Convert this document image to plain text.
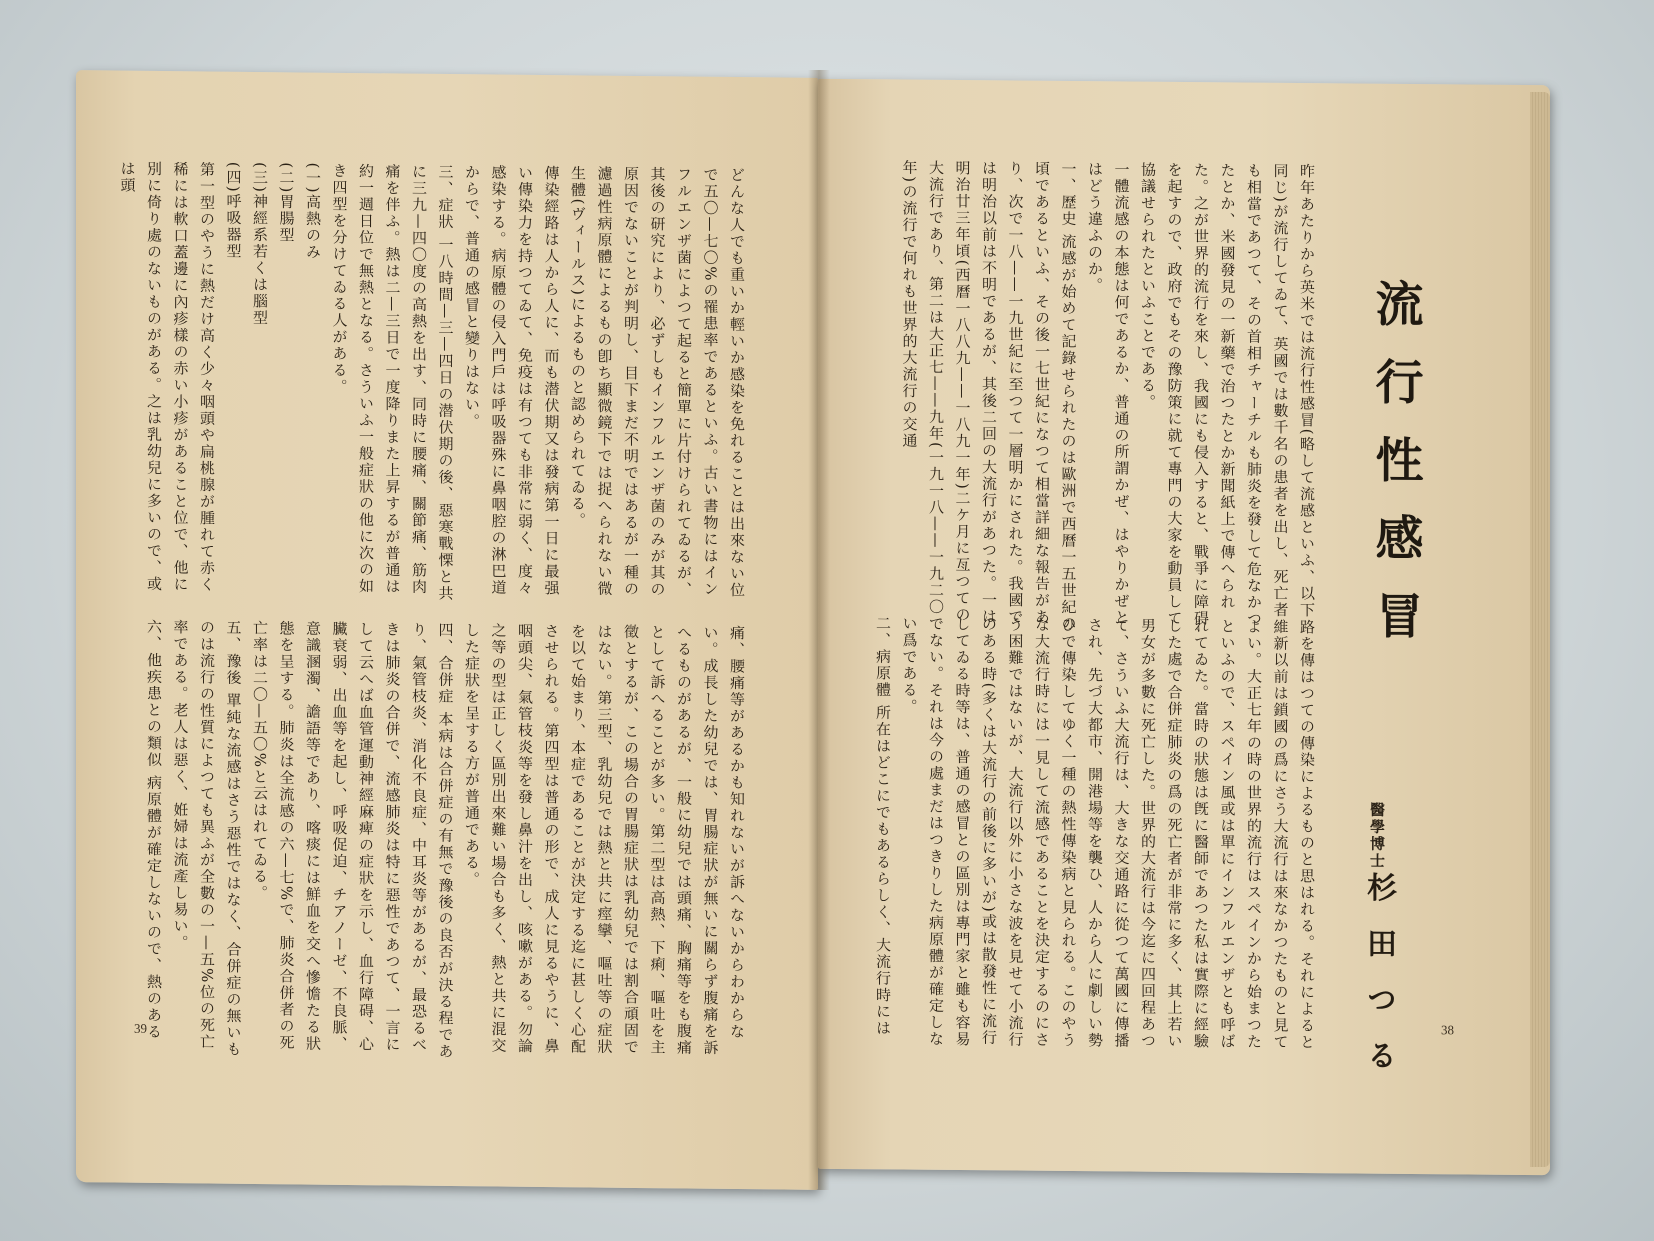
どんな人でも重いか輕いか感染を免れることは出來ない位で五〇—七〇%の罹患率であるといふ。古い書物にはインフルエンザ菌によつて起ると簡單に片付けられてゐるが、其後の研究により、必ずしもインフルエンザ菌のみが其の原因でないことが判明し、目下まだ不明ではあるが一種の濾過性病原體によるもの卽ち顯微鏡下では捉へられない微生體(ヴィールス)によるものと認められてゐる。
傳染經路は人から人に、而も潜伏期又は發病第一日に最强い傳染力を持つてゐて、免疫は有つても非常に弱く、度々感染する。病原體の侵入門戶は呼吸器殊に鼻咽腔の淋巴道からで、普通の感冒と變りはない。
三、症狀 一八時間—三—四日の潜伏期の後、惡寒戰慄と共に三九—四〇度の高熱を出す、同時に腰痛、關節痛、筋肉痛を伴ふ。熱は二—三日で一度降りまた上昇するが普通は約一週日位で無熱となる。さういふ一般症狀の他に次の如き四型を分けてゐる人がある。
(一)高熱のみ
(二)胃腸型
(三)神經系若くは腦型
(四)呼吸器型
第一型のやうに熱だけ高く少々咽頭や扁桃腺が腫れて赤く稀には軟口蓋邊に內疹樣の赤い小疹があること位で、他に別に倚り處のないものがある。之は乳幼兒に多いので、或は頭
痛、腰痛等があるかも知れないが訴へないからわからない。成長した幼兒では、胃腸症狀が無いに關らず腹痛を訴へるものがあるが、一般に幼兒では頭痛、胸痛等をも腹痛として訴へることが多い。第二型は高熱、下痢、嘔吐を主徵とするが、この場合の胃腸症狀は乳幼兒では割合頑固ではない。第三型、乳幼兒では熱と共に痙攣、嘔吐等の症狀を以て始まり、本症であることが決定する迄に甚しく心配させられる。第四型は普通の形で、成人に見るやうに、鼻咽頭尖、氣管枝炎等を發し鼻汁を出し、咳嗽がある。勿論之等の型は正しく區別出來難い場合も多く、熱と共に混交した症狀を呈する方が普通である。
四、合併症 本病は合併症の有無で豫後の良否が決る程であり、氣管枝炎、消化不良症、中耳炎等があるが、最恐るべきは肺炎の合併で、流感肺炎は特に惡性であつて、一言にして云へば血管運動神經麻痺の症狀を示し、血行障碍、心臟衰弱、出血等を起し、呼吸促迫、チアノーゼ、不良脈、意識溷濁、譫語等であり、喀痰には鮮血を交へ慘憺たる狀態を呈する。肺炎は全流感の六—七%で、肺炎合併者の死亡率は二〇—五〇%と云はれてゐる。
五、豫後 單純な流感はさう惡性ではなく、合併症の無いものは流行の性質によつても異ふが全數の一—五%位の死亡率である。老人は惡く、姙婦は流產し易い。
六、他疾患との類似 病原體が確定しないので、熱のある
39
昨年あたりから英米では流行性感冒(略して流感といふ、以下同じ)が流行してゐて、英國では數千名の患者を出し、死亡者も相當であつて、その首相チャーチルも肺炎を發して危なかつたとか、米國發見の一新藥で治つたとか新聞紙上で傳へられた。之が世界的流行を來し、我國にも侵入すると、戰爭に障碍を起すので、政府でもその豫防策に就て專門の大家を動員して協議せられたといふことである。
一體流感の本態は何であるか、普通の所謂かぜ、はやりかぜとはどう違ふのか。
一、歷史 流感が始めて記錄せられたのは歐洲で西曆一五世紀の頃であるといふ、その後一七世紀になつて相當詳細な報告があり、次で一八——一九世紀に至つて一層明かにされた。我國では明治以前は不明であるが、其後二回の大流行があつた。一は明治廿三年頃(西曆一八八九——一八九一年)二ケ月に亙つての大流行であり、第二は大正七——九年(一九一八——一九二〇年)の流行で何れも世界的大流行の交通
路を傳はつての傳染によるものと思はれる。それによると維新以前は鎖國の爲にさう大流行は來なかつたものと見てよい。大正七年の時の世界的流行はスペインから始まつたといふので、スペイン風或は單にインフルエンザとも呼ばれてゐた。當時の狀態は旣に醫師であつた私は實際に經驗した處で合併症肺炎の爲の死亡者が非常に多く、其上若い男女が多數に死亡した。世界的大流行は今迄に四回程あつて、さういふ大流行は、大きな交通路に從つて萬國に傳播され、先づ大都市、開港場等を襲ひ、人から人に劇しい勢ひで傳染してゆく一種の熱性傳染病と見られる。このやうな大流行時には一見して流感であることを決定するのにさう困難ではないが、大流行以外に小さな波を見せて小流行のある時(多くは大流行の前後に多いが)或は散發性に流行してゐる時等は、普通の感冒との區別は專門家と雖も容易でない。それは今の處まだはつきりした病原體が確定しない爲である。
二、病原體 所在はどこにでもあるらしく、大流行時には
流行性感冒
醫學博士
杉田つる	38
